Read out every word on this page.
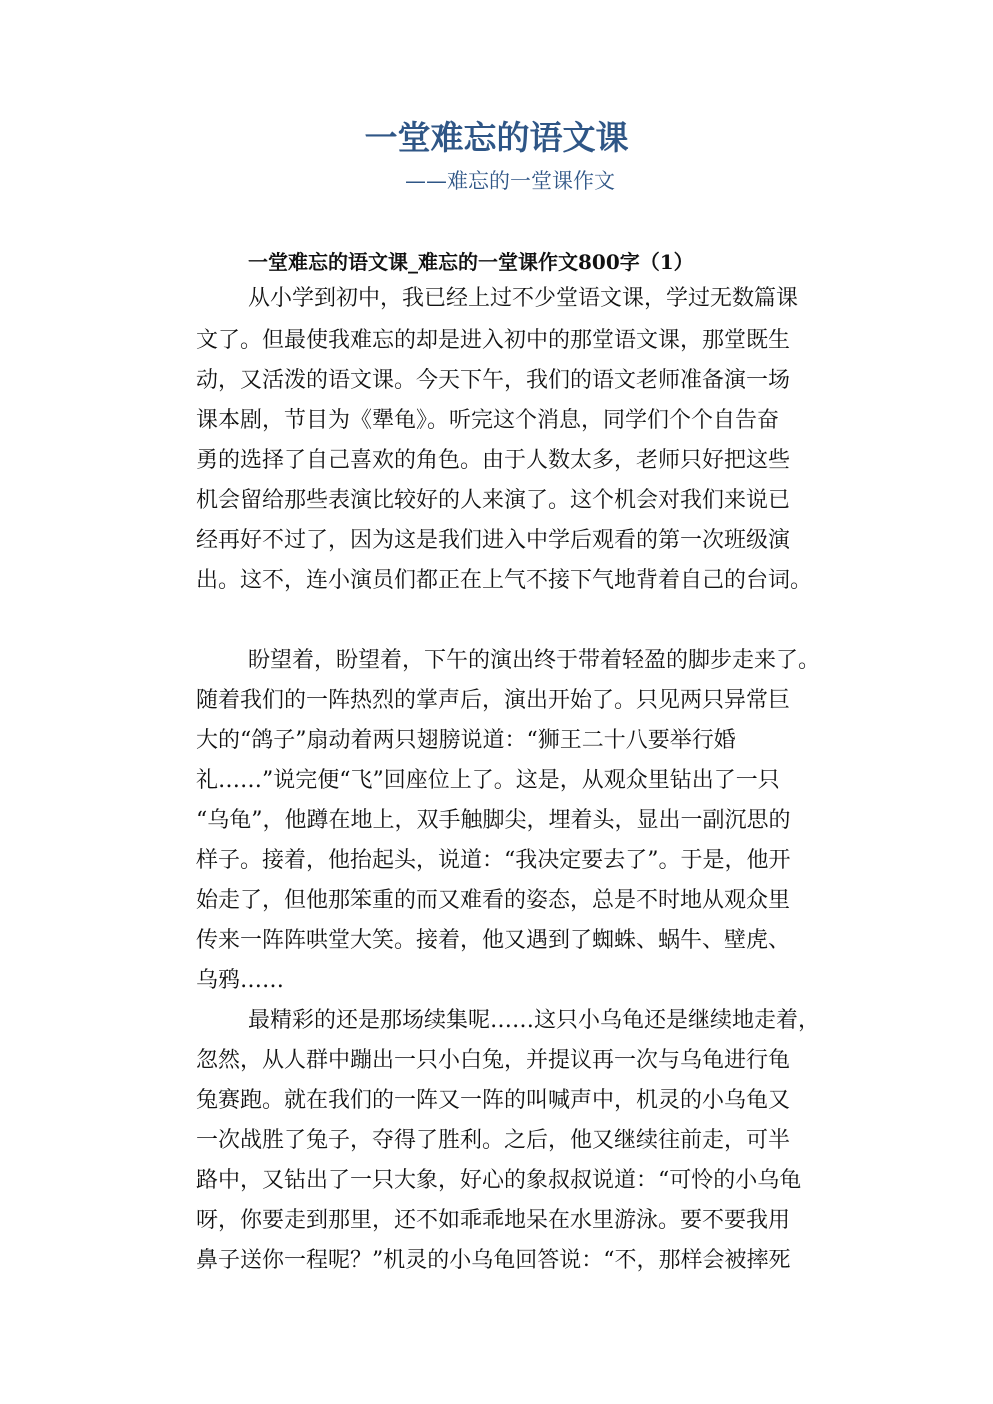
一堂难忘的语文课
——难忘的一堂课作文
一堂难忘的语文课_难忘的一堂课作文800字（1）

从小学到初中，我已经上过不少堂语文课，学过无数篇课

文了。但最使我难忘的却是进入初中的那堂语文课，那堂既生

动，又活泼的语文课。今天下午，我们的语文老师准备演一场

课本剧，节目为《犟龟》。听完这个消息，同学们个个自告奋

勇的选择了自己喜欢的角色。由于人数太多，老师只好把这些

机会留给那些表演比较好的人来演了。这个机会对我们来说已

经再好不过了，因为这是我们进入中学后观看的第一次班级演

出。这不，连小演员们都正在上气不接下气地背着自己的台词。

盼望着，盼望着，下午的演出终于带着轻盈的脚步走来了。

随着我们的一阵热烈的掌声后，演出开始了。只见两只异常巨

大的“鸽子”扇动着两只翅膀说道：“狮王二十八要举行婚

礼……”说完便“飞”回座位上了。这是，从观众里钻出了一只

“乌龟”，他蹲在地上，双手触脚尖，埋着头，显出一副沉思的

样子。接着，他抬起头，说道：“我决定要去了”。于是，他开

始走了，但他那笨重的而又难看的姿态，总是不时地从观众里

传来一阵阵哄堂大笑。接着，他又遇到了蜘蛛、蜗牛、壁虎、

乌鸦……

最精彩的还是那场续集呢……这只小乌龟还是继续地走着，

忽然，从人群中蹦出一只小白兔，并提议再一次与乌龟进行龟

兔赛跑。就在我们的一阵又一阵的叫喊声中，机灵的小乌龟又

一次战胜了兔子，夺得了胜利。之后，他又继续往前走，可半

路中，又钻出了一只大象，好心的象叔叔说道：“可怜的小乌龟

呀，你要走到那里，还不如乖乖地呆在水里游泳。要不要我用

鼻子送你一程呢？”机灵的小乌龟回答说：“不，那样会被摔死
